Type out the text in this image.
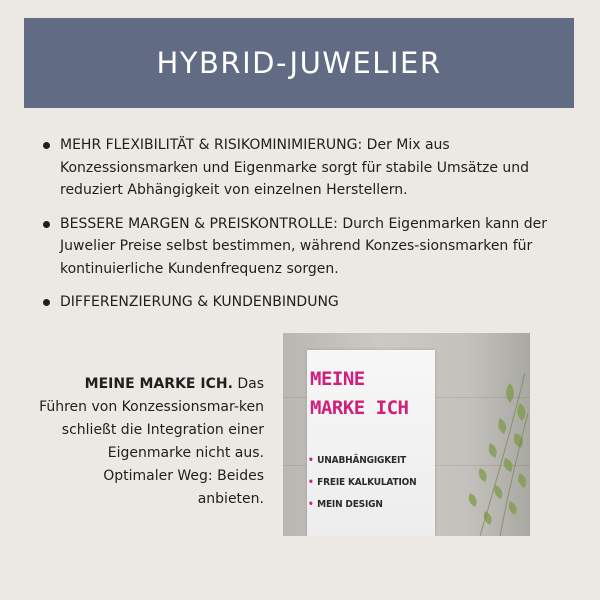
HYBRID-JUWELIER
MEHR FLEXIBILITÄT & RISIKOMINIMIERUNG: Der Mix aus Konzessionsmarken und Eigenmarke sorgt für stabile Umsätze und reduziert Abhängigkeit von einzelnen Herstellern.
BESSERE MARGEN & PREISKONTROLLE: Durch Eigenmarken kann der Juwelier Preise selbst bestimmen, während Konzes-sionsmarken für kontinuierliche Kundenfrequenz sorgen.
DIFFERENZIERUNG & KUNDENBINDUNG
MEINE MARKE ICH. Das Führen von Konzessionsmar-ken schließt die Integration einer Eigenmarke nicht aus. Optimaler Weg: Beides anbieten.
MEINE
MARKE ICH
• UNABHÄNGIGKEIT
• FREIE KALKULATION
• MEIN DESIGN
